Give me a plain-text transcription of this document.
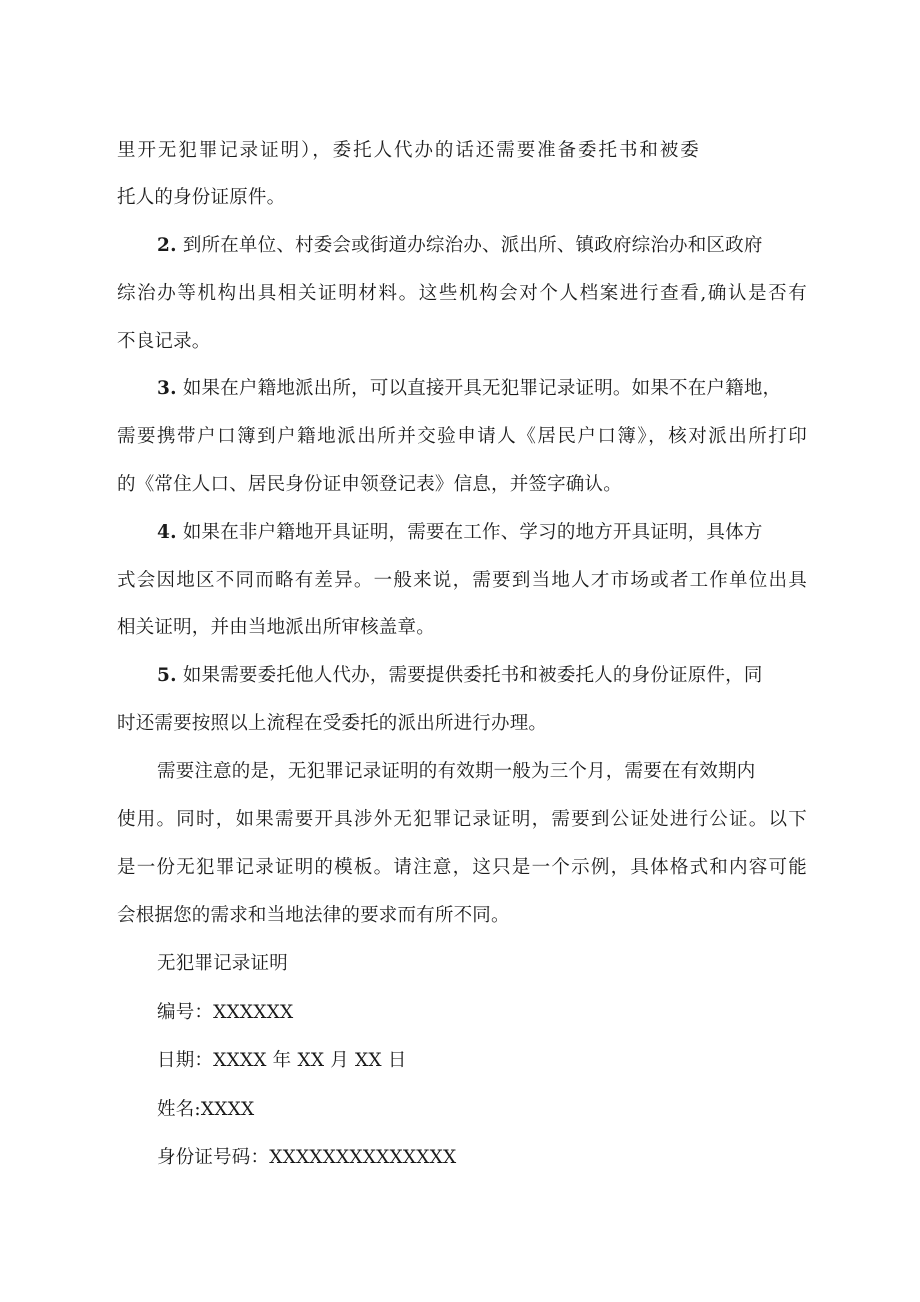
里开无犯罪记录证明），委托人代办的话还需要准备委托书和被委
托人的身份证原件。
2. 到所在单位、村委会或街道办综治办、派出所、镇政府综治办和区政府
综治办等机构出具相关证明材料。这些机构会对个人档案进行查看,确认是否有
不良记录。
3. 如果在户籍地派出所，可以直接开具无犯罪记录证明。如果不在户籍地，
需要携带户口簿到户籍地派出所并交验申请人《居民户口簿》，核对派出所打印
的《常住人口、居民身份证申领登记表》信息，并签字确认。
4. 如果在非户籍地开具证明，需要在工作、学习的地方开具证明，具体方
式会因地区不同而略有差异。一般来说，需要到当地人才市场或者工作单位出具
相关证明，并由当地派出所审核盖章。
5. 如果需要委托他人代办，需要提供委托书和被委托人的身份证原件，同
时还需要按照以上流程在受委托的派出所进行办理。
需要注意的是，无犯罪记录证明的有效期一般为三个月，需要在有效期内
使用。同时，如果需要开具涉外无犯罪记录证明，需要到公证处进行公证。以下
是一份无犯罪记录证明的模板。请注意，这只是一个示例，具体格式和内容可能
会根据您的需求和当地法律的要求而有所不同。
无犯罪记录证明
编号：XXXXXX
日期：XXXX 年 XX 月 XX 日
姓名:XXXX
身份证号码：XXXXXXXXXXXXXX
